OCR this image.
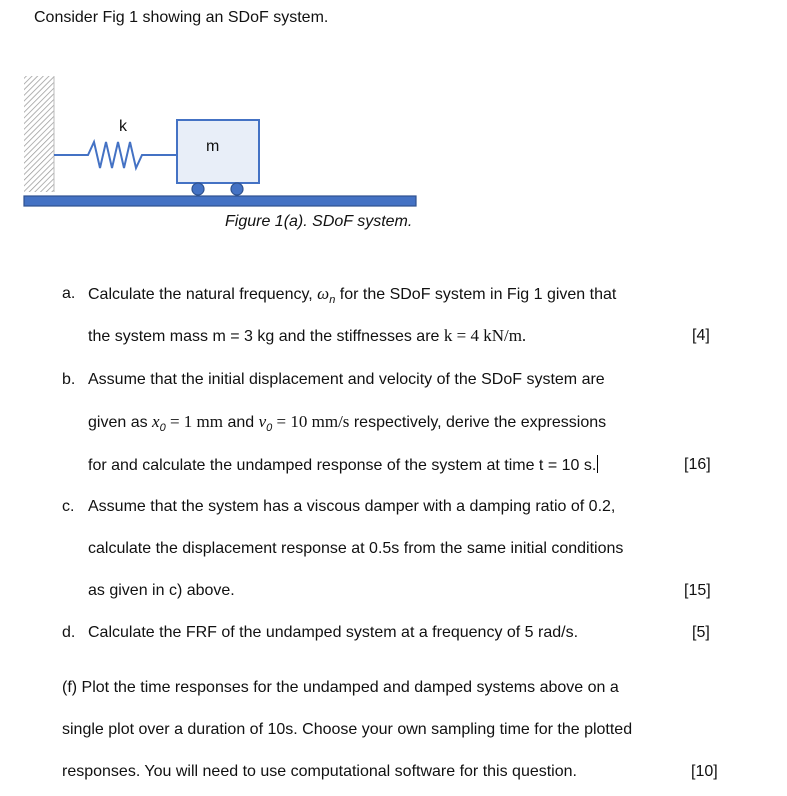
Consider Fig 1 showing an SDoF system.
k
m
Figure 1(a). SDoF system.
a. Calculate the natural frequency, $\omega_n$ for the SDoF system in Fig 1 given that
the system mass m = 3 kg and the stiffnesses are k = 4 kN/m.	[4]
b. Assume that the initial displacement and velocity of the SDoF system are
given as $x_0 = 1$ mm and $v_0 = 10$ mm/s respectively, derive the expressions
for and calculate the undamped response of the system at time t = 10 s.	[16]
c. Assume that the system has a viscous damper with a damping ratio of 0.2,
calculate the displacement response at 0.5s from the same initial conditions
as given in c) above.	[15]
d. Calculate the FRF of the undamped system at a frequency of 5 rad/s.	[5]
(f) Plot the time responses for the undamped and damped systems above on a
single plot over a duration of 10s. Choose your own sampling time for the plotted
responses. You will need to use computational software for this question.	[10]
